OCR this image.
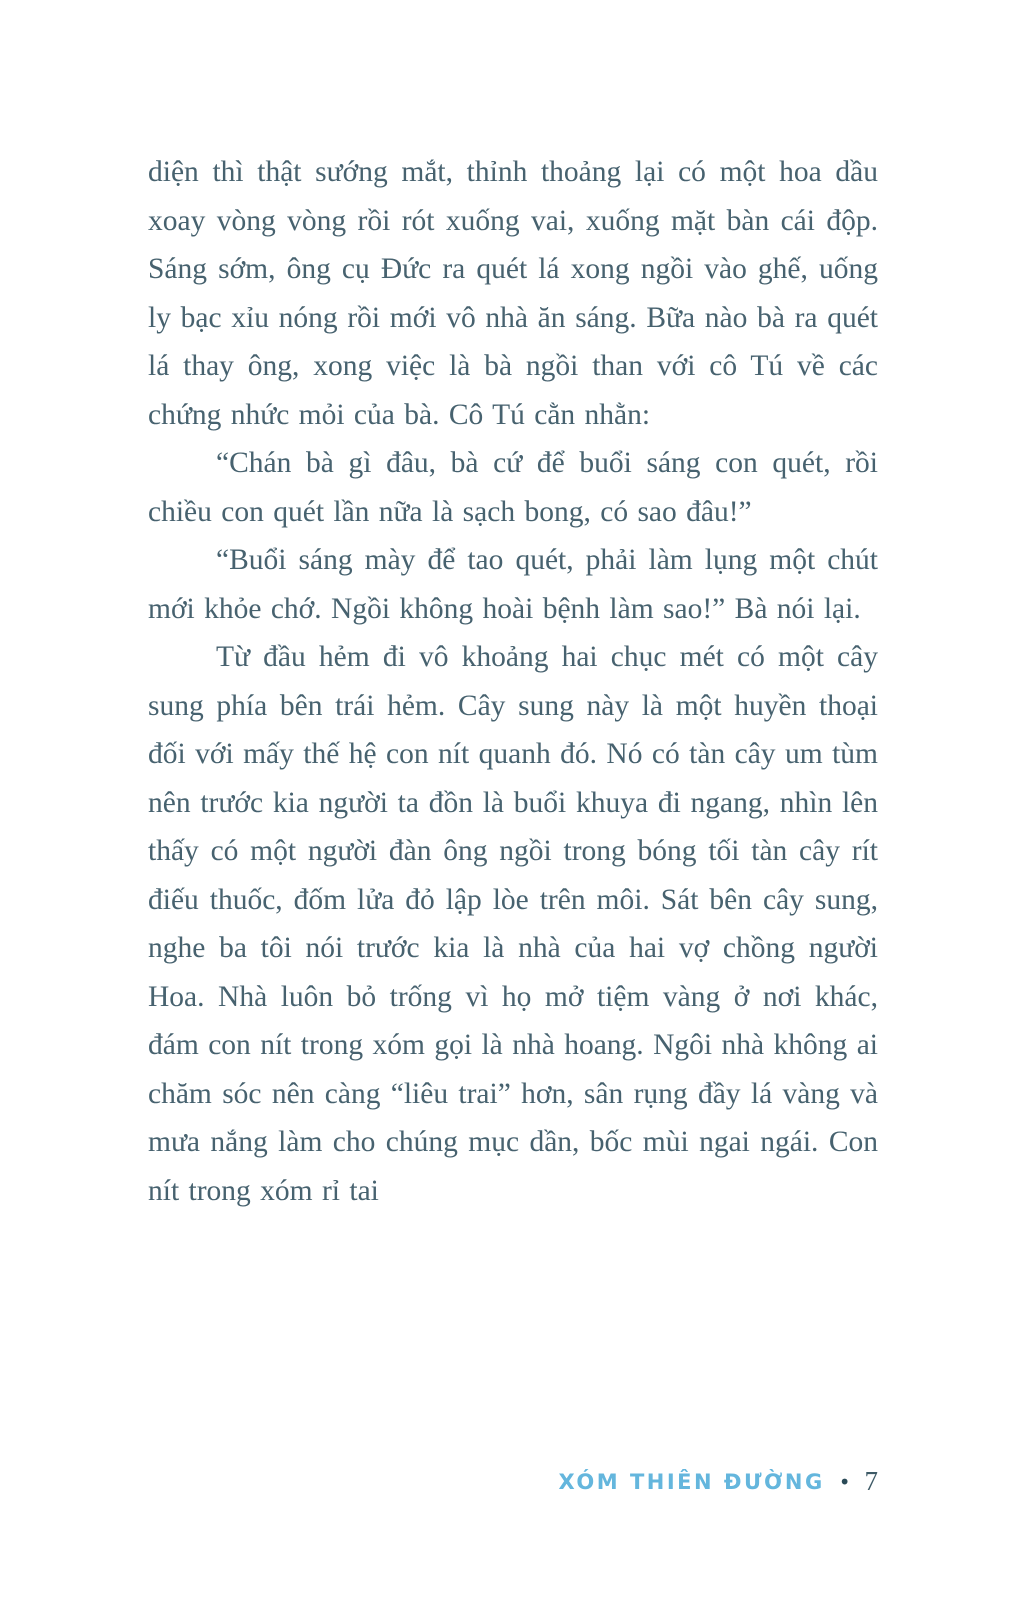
diện thì thật sướng mắt, thỉnh thoảng lại có một hoa dầu xoay vòng vòng rồi rót xuống vai, xuống mặt bàn cái độp. Sáng sớm, ông cụ Đức ra quét lá xong ngồi vào ghế, uống ly bạc xỉu nóng rồi mới vô nhà ăn sáng. Bữa nào bà ra quét lá thay ông, xong việc là bà ngồi than với cô Tú về các chứng nhức mỏi của bà. Cô Tú cằn nhằn:

“Chán bà gì đâu, bà cứ để buổi sáng con quét, rồi chiều con quét lần nữa là sạch bong, có sao đâu!”

“Buổi sáng mày để tao quét, phải làm lụng một chút mới khỏe chớ. Ngồi không hoài bệnh làm sao!” Bà nói lại.

Từ đầu hẻm đi vô khoảng hai chục mét có một cây sung phía bên trái hẻm. Cây sung này là một huyền thoại đối với mấy thế hệ con nít quanh đó. Nó có tàn cây um tùm nên trước kia người ta đồn là buổi khuya đi ngang, nhìn lên thấy có một người đàn ông ngồi trong bóng tối tàn cây rít điếu thuốc, đốm lửa đỏ lập lòe trên môi. Sát bên cây sung, nghe ba tôi nói trước kia là nhà của hai vợ chồng người Hoa. Nhà luôn bỏ trống vì họ mở tiệm vàng ở nơi khác, đám con nít trong xóm gọi là nhà hoang. Ngôi nhà không ai chăm sóc nên càng “liêu trai” hơn, sân rụng đầy lá vàng và mưa nắng làm cho chúng mục dần, bốc mùi ngai ngái. Con nít trong xóm rỉ tai

XÓM THIÊN ĐƯỜNG • 7
